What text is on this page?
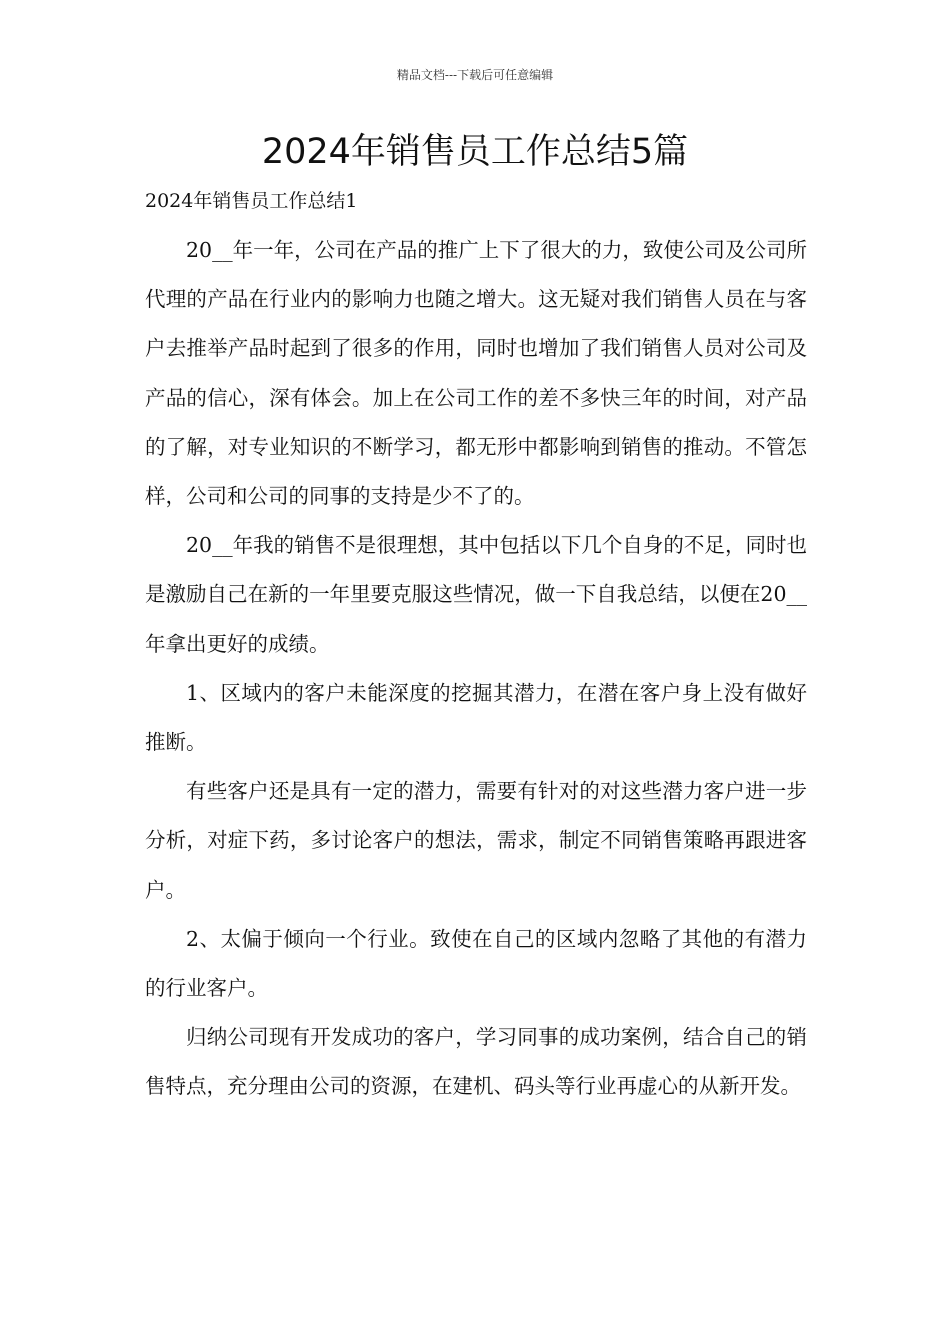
精品文档---下载后可任意编辑
2024年销售员工作总结5篇
2024年销售员工作总结1

20__年一年，公司在产品的推广上下了很大的力，致使公司及公司所代理的产品在行业内的影响力也随之增大。这无疑对我们销售人员在与客户去推举产品时起到了很多的作用，同时也增加了我们销售人员对公司及产品的信心，深有体会。加上在公司工作的差不多快三年的时间，对产品的了解，对专业知识的不断学习，都无形中都影响到销售的推动。不管怎样，公司和公司的同事的支持是少不了的。

20__年我的销售不是很理想，其中包括以下几个自身的不足，同时也是激励自己在新的一年里要克服这些情况，做一下自我总结，以便在20__年拿出更好的成绩。

1、区域内的客户未能深度的挖掘其潜力，在潜在客户身上没有做好推断。

有些客户还是具有一定的潜力，需要有针对的对这些潜力客户进一步分析，对症下药，多讨论客户的想法，需求，制定不同销售策略再跟进客户。

2、太偏于倾向一个行业。致使在自己的区域内忽略了其他的有潜力的行业客户。

归纳公司现有开发成功的客户，学习同事的成功案例，结合自己的销售特点，充分理由公司的资源，在建机、码头等行业再虚心的从新开发。
